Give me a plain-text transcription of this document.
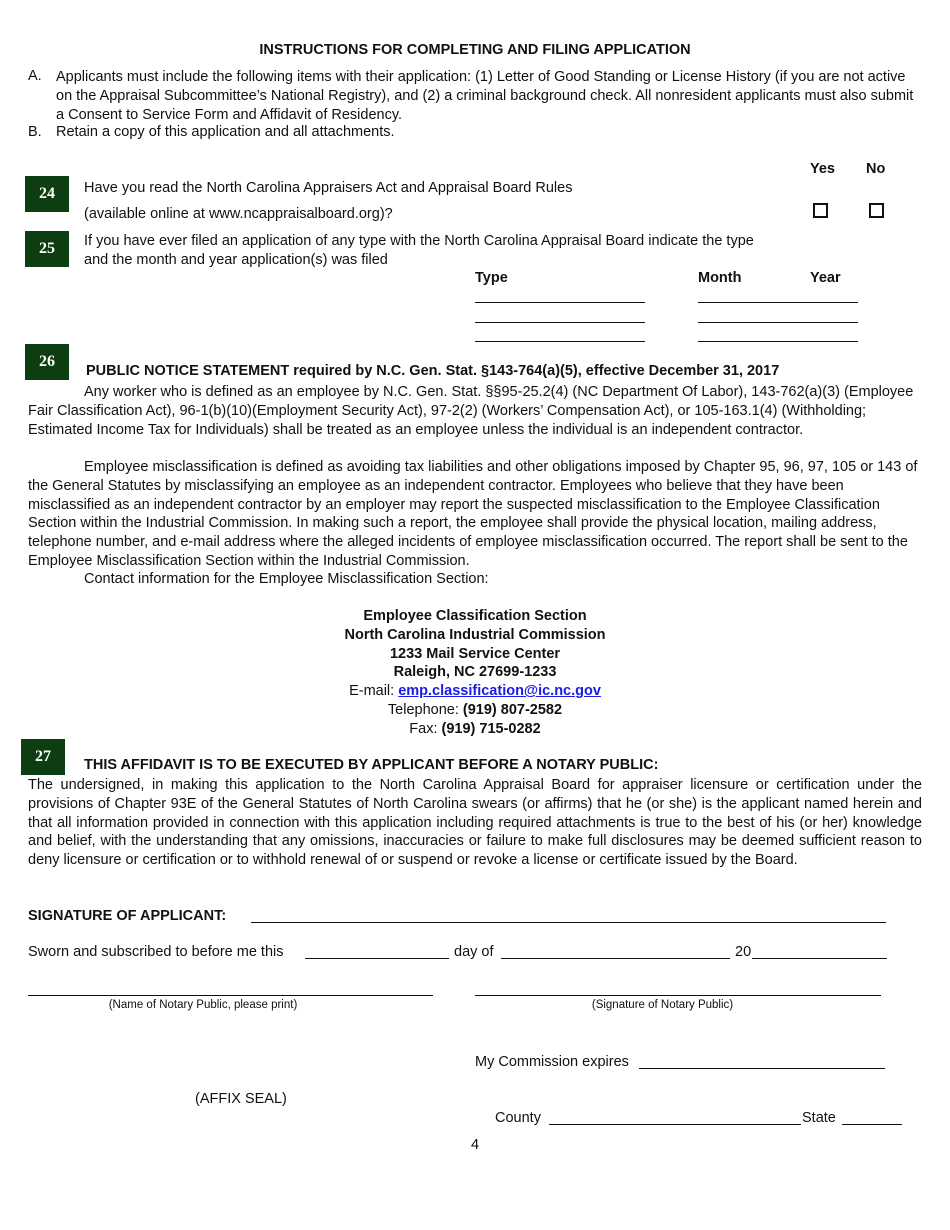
INSTRUCTIONS FOR COMPLETING AND FILING APPLICATION
A. Applicants must include the following items with their application: (1) Letter of Good Standing or License History (if you are not active on the Appraisal Subcommittee’s National Registry), and (2) a criminal background check. All nonresident applicants must also submit a Consent to Service Form and Affidavit of Residency.
B. Retain a copy of this application and all attachments.
Yes No
24	Have you read the North Carolina Appraisers Act and Appraisal Board Rules
(available online at www.ncappraisalboard.org)?
25	If you have ever filed an application of any type with the North Carolina Appraisal Board indicate the type and the month and year application(s) was filed
Type	Month	Year
26
PUBLIC NOTICE STATEMENT required by N.C. Gen. Stat. §143-764(a)(5), effective December 31, 2017
Any worker who is defined as an employee by N.C. Gen. Stat. §§95-25.2(4) (NC Department Of Labor), 143-762(a)(3) (Employee Fair Classification Act), 96-1(b)(10)(Employment Security Act), 97-2(2) (Workers’ Compensation Act), or 105-163.1(4) (Withholding; Estimated Income Tax for Individuals) shall be treated as an employee unless the individual is an independent contractor.
Employee misclassification is defined as avoiding tax liabilities and other obligations imposed by Chapter 95, 96, 97, 105 or 143 of the General Statutes by misclassifying an employee as an independent contractor. Employees who believe that they have been misclassified as an independent contractor by an employer may report the suspected misclassification to the Employee Classification Section within the Industrial Commission. In making such a report, the employee shall provide the physical location, mailing address, telephone number, and e-mail address where the alleged incidents of employee misclassification occurred. The report shall be sent to the Employee Misclassification Section within the Industrial Commission.
Contact information for the Employee Misclassification Section:
Employee Classification Section
North Carolina Industrial Commission
1233 Mail Service Center
Raleigh, NC 27699-1233
E-mail: emp.classification@ic.nc.gov
Telephone: (919) 807-2582
Fax: (919) 715-0282
27	THIS AFFIDAVIT IS TO BE EXECUTED BY APPLICANT BEFORE A NOTARY PUBLIC:
The undersigned, in making this application to the North Carolina Appraisal Board for appraiser licensure or certification under the provisions of Chapter 93E of the General Statutes of North Carolina swears (or affirms) that he (or she) is the applicant named herein and that all information provided in connection with this application including required attachments is true to the best of his (or her) knowledge and belief, with the understanding that any omissions, inaccuracies or failure to make full disclosures may be deemed sufficient reason to deny licensure or certification or to withhold renewal of or suspend or revoke a license or certificate issued by the Board.
SIGNATURE OF APPLICANT:
Sworn and subscribed to before me this	day of	20
(Name of Notary Public, please print)	(Signature of Notary Public)
My Commission expires
(AFFIX SEAL)
County	State
4
